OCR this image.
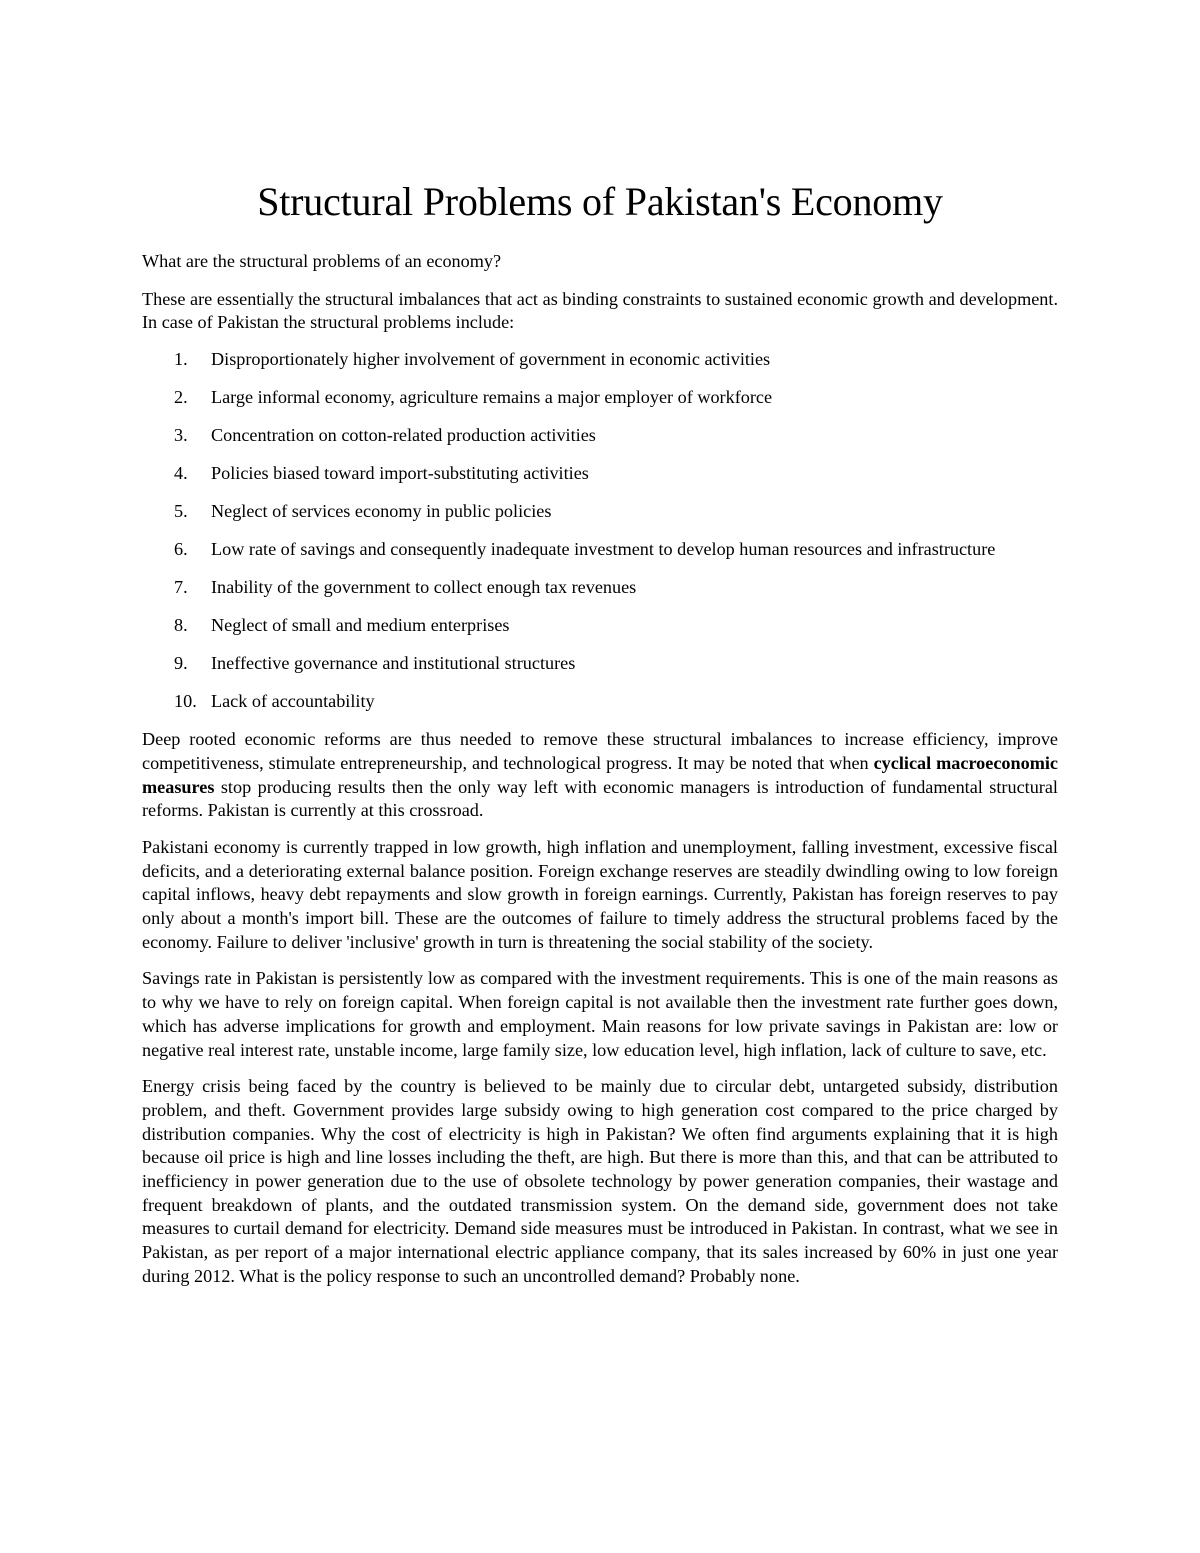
Structural Problems of Pakistan's Economy

What are the structural problems of an economy?

These are essentially the structural imbalances that act as binding constraints to sustained economic growth and development. In case of Pakistan the structural problems include:

1. Disproportionately higher involvement of government in economic activities
2. Large informal economy, agriculture remains a major employer of workforce
3. Concentration on cotton-related production activities
4. Policies biased toward import-substituting activities
5. Neglect of services economy in public policies
6. Low rate of savings and consequently inadequate investment to develop human resources and infrastructure
7. Inability of the government to collect enough tax revenues
8. Neglect of small and medium enterprises
9. Ineffective governance and institutional structures
10. Lack of accountability

Deep rooted economic reforms are thus needed to remove these structural imbalances to increase efficiency, improve competitiveness, stimulate entrepreneurship, and technological progress. It may be noted that when cyclical macroeconomic measures stop producing results then the only way left with economic managers is introduction of fundamental structural reforms. Pakistan is currently at this crossroad.

Pakistani economy is currently trapped in low growth, high inflation and unemployment, falling investment, excessive fiscal deficits, and a deteriorating external balance position. Foreign exchange reserves are steadily dwindling owing to low foreign capital inflows, heavy debt repayments and slow growth in foreign earnings. Currently, Pakistan has foreign reserves to pay only about a month's import bill. These are the outcomes of failure to timely address the structural problems faced by the economy. Failure to deliver 'inclusive' growth in turn is threatening the social stability of the society.

Savings rate in Pakistan is persistently low as compared with the investment requirements. This is one of the main reasons as to why we have to rely on foreign capital. When foreign capital is not available then the investment rate further goes down, which has adverse implications for growth and employment. Main reasons for low private savings in Pakistan are: low or negative real interest rate, unstable income, large family size, low education level, high inflation, lack of culture to save, etc.

Energy crisis being faced by the country is believed to be mainly due to circular debt, untargeted subsidy, distribution problem, and theft. Government provides large subsidy owing to high generation cost compared to the price charged by distribution companies. Why the cost of electricity is high in Pakistan? We often find arguments explaining that it is high because oil price is high and line losses including the theft, are high. But there is more than this, and that can be attributed to inefficiency in power generation due to the use of obsolete technology by power generation companies, their wastage and frequent breakdown of plants, and the outdated transmission system. On the demand side, government does not take measures to curtail demand for electricity. Demand side measures must be introduced in Pakistan. In contrast, what we see in Pakistan, as per report of a major international electric appliance company, that its sales increased by 60% in just one year during 2012. What is the policy response to such an uncontrolled demand? Probably none.
